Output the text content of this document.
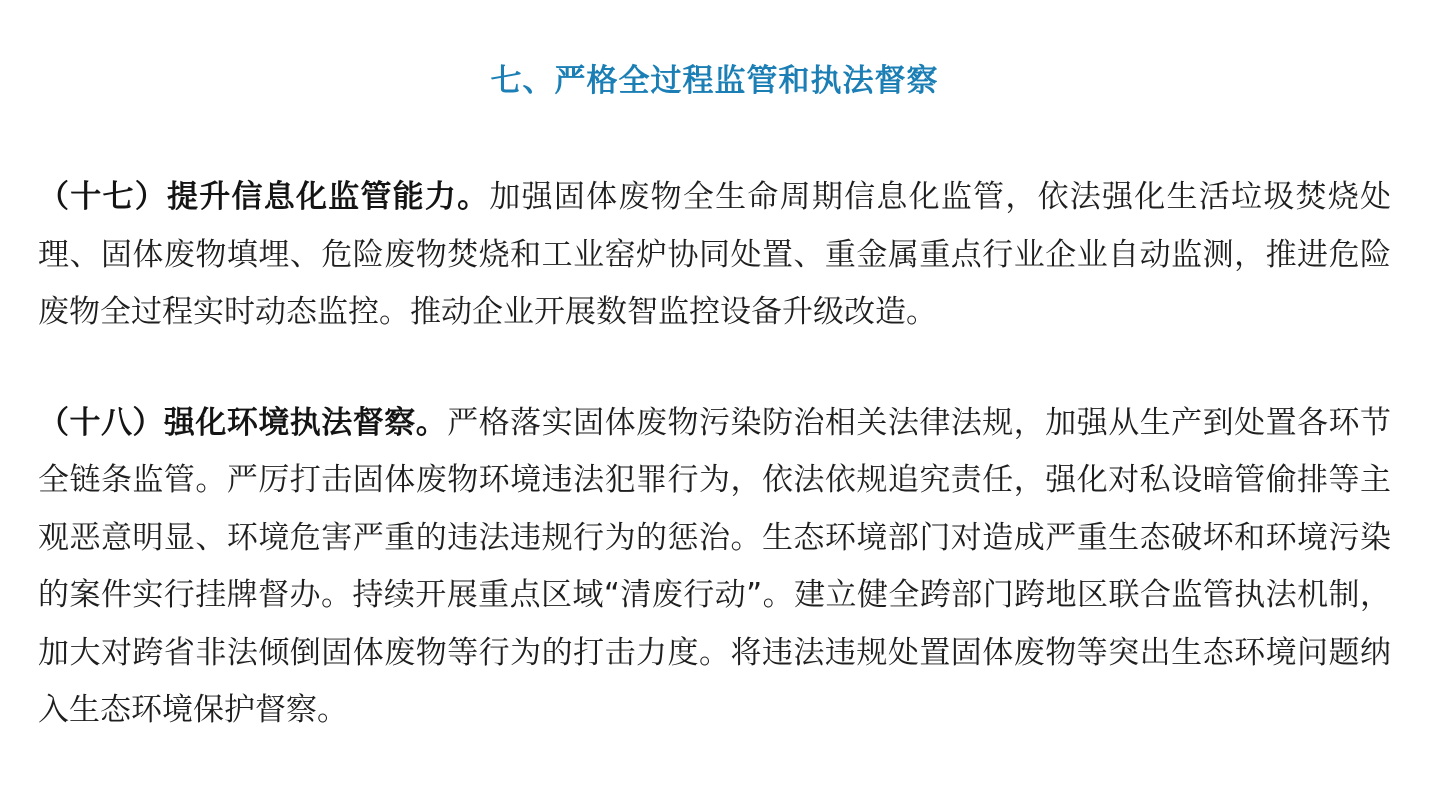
七、严格全过程监管和执法督察

（十七）提升信息化监管能力。加强固体废物全生命周期信息化监管，依法强化生活垃圾焚烧处理、固体废物填埋、危险废物焚烧和工业窑炉协同处置、重金属重点行业企业自动监测，推进危险废物全过程实时动态监控。推动企业开展数智监控设备升级改造。

（十八）强化环境执法督察。严格落实固体废物污染防治相关法律法规，加强从生产到处置各环节全链条监管。严厉打击固体废物环境违法犯罪行为，依法依规追究责任，强化对私设暗管偷排等主观恶意明显、环境危害严重的违法违规行为的惩治。生态环境部门对造成严重生态破坏和环境污染的案件实行挂牌督办。持续开展重点区域“清废行动”。建立健全跨部门跨地区联合监管执法机制，加大对跨省非法倾倒固体废物等行为的打击力度。将违法违规处置固体废物等突出生态环境问题纳入生态环境保护督察。
